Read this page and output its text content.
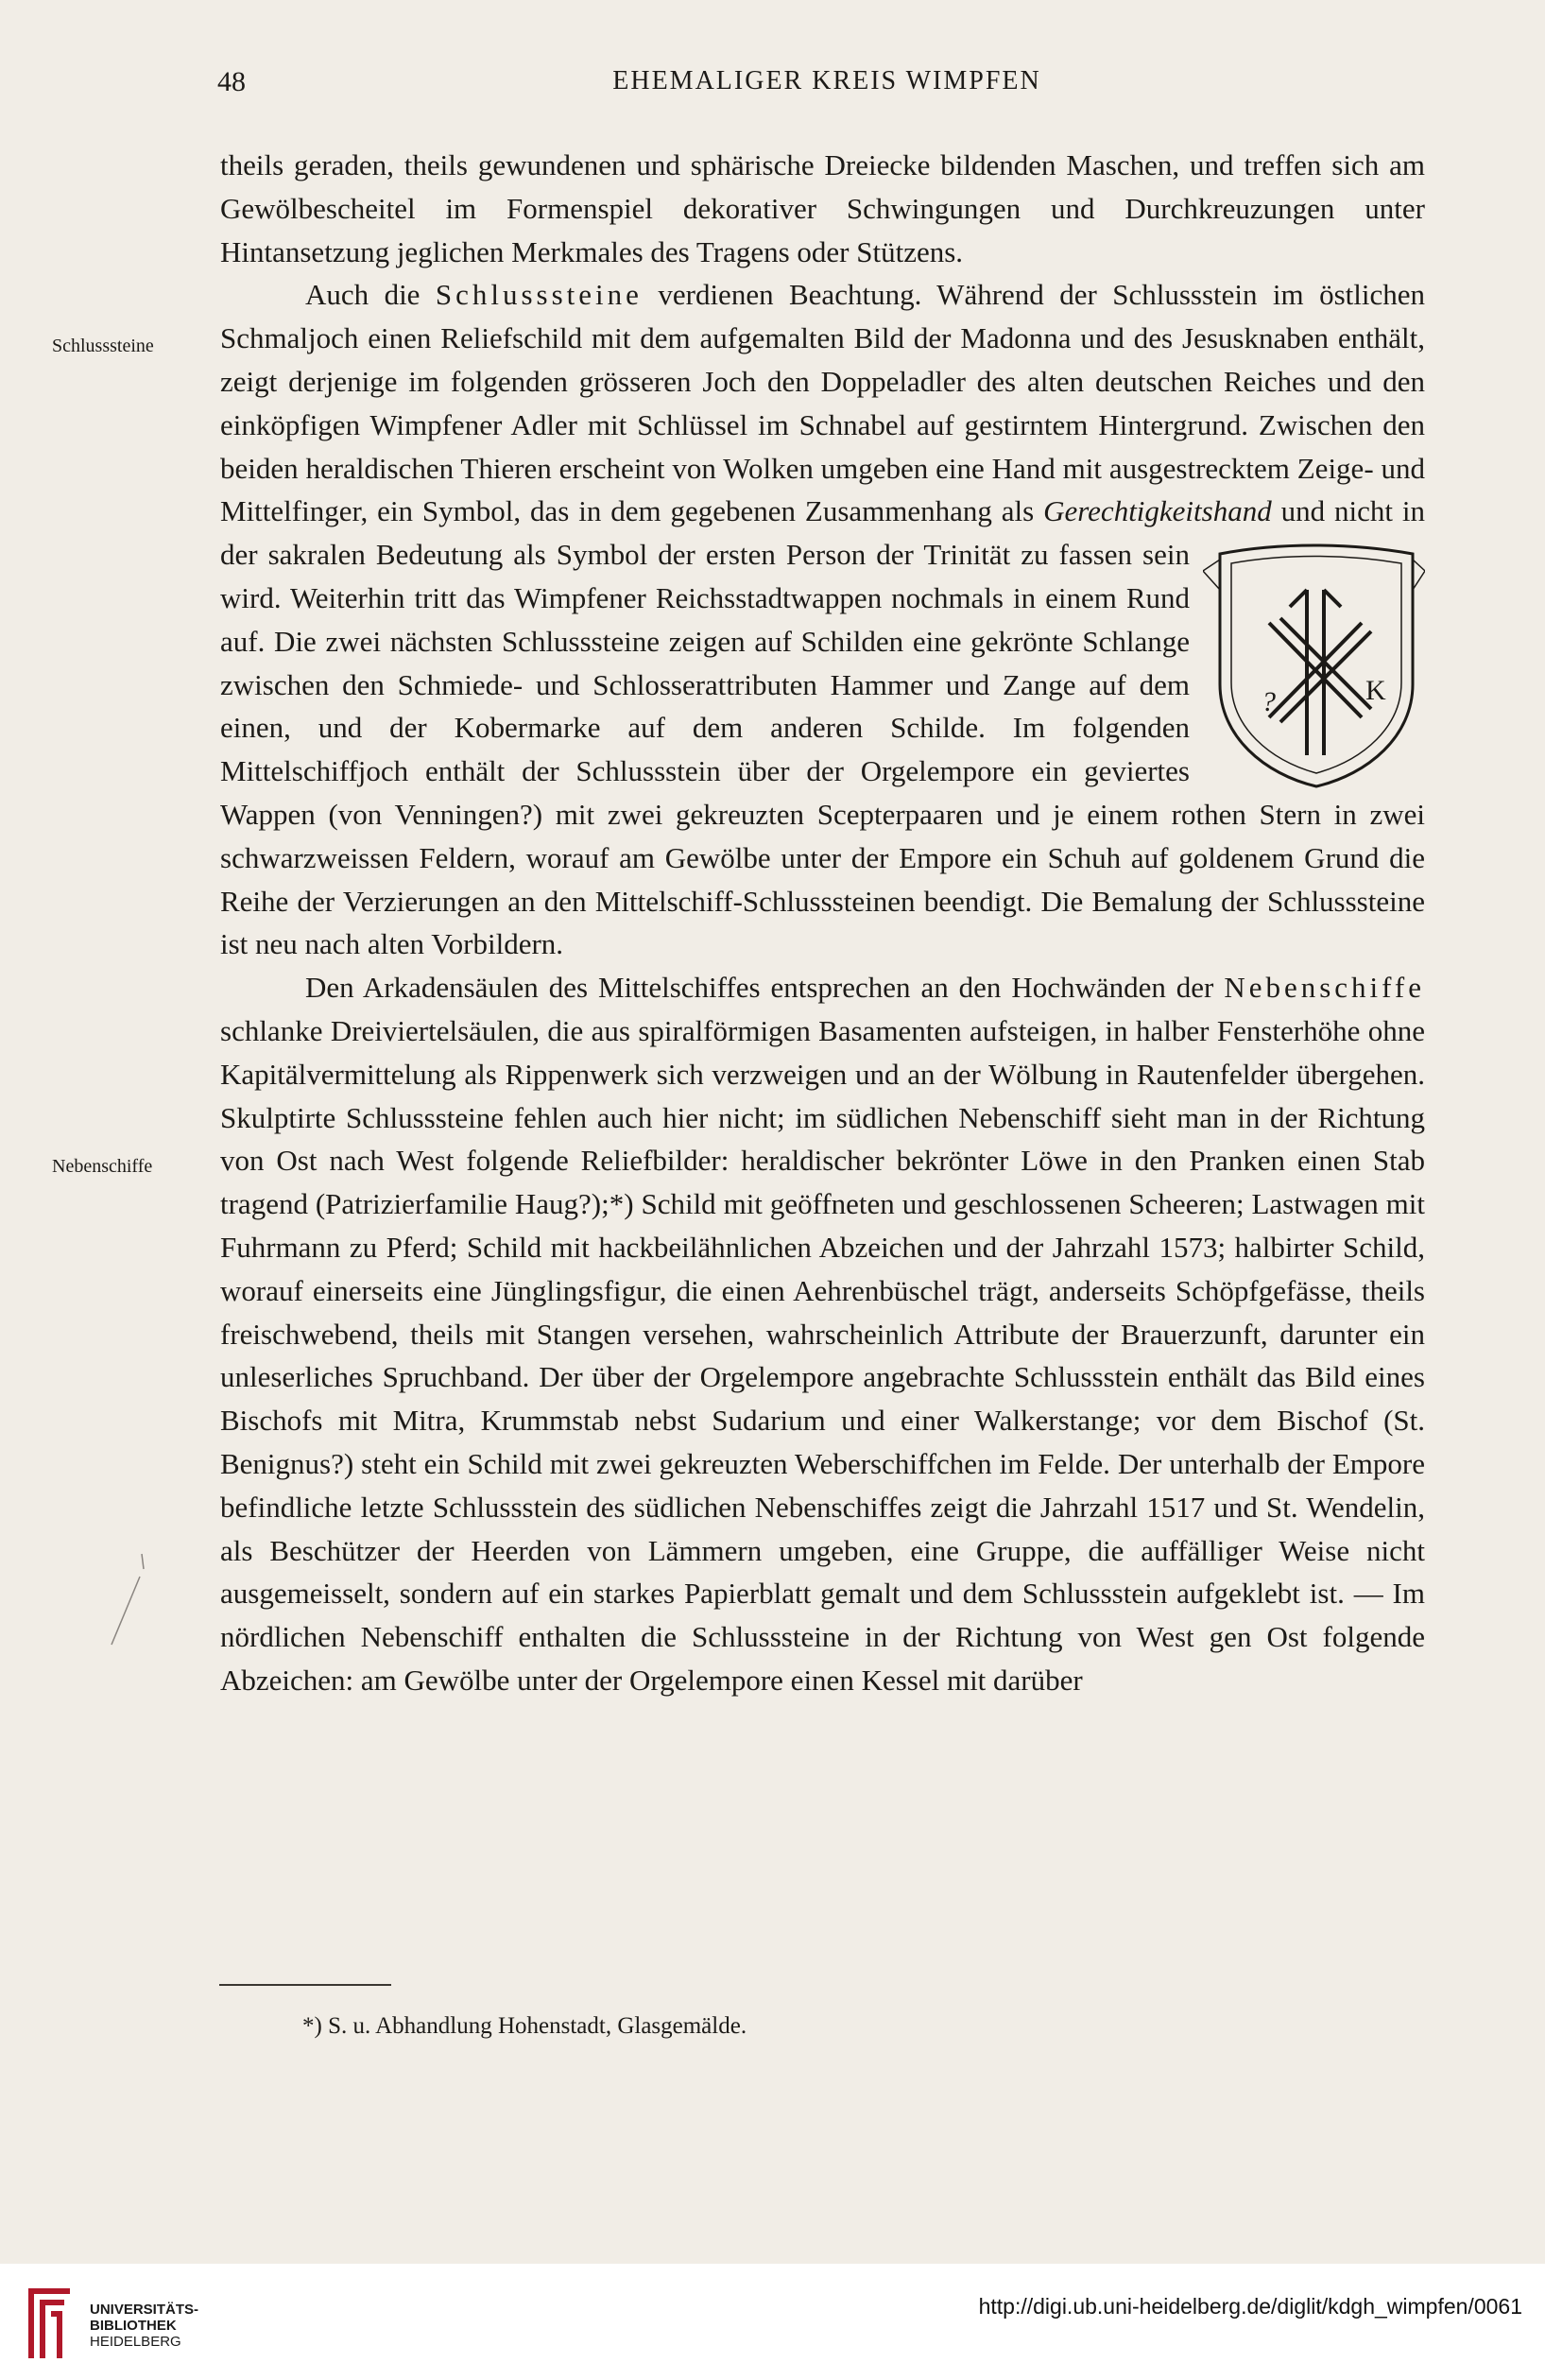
48	EHEMALIGER KREIS WIMPFEN
Schlusssteine
Nebenschiffe

theils geraden, theils gewundenen und sphärische Dreiecke bildenden Maschen, und treffen sich am Gewölbescheitel im Formenspiel dekorativer Schwingungen und Durchkreuzungen unter Hintansetzung jeglichen Merkmales des Tragens oder Stützens.

Auch die Schlusssteine verdienen Beachtung. Während der Schlussstein im östlichen Schmaljoch einen Reliefschild mit dem aufgemalten Bild der Madonna und des Jesusknaben enthält, zeigt derjenige im folgenden grösseren Joch den Doppeladler des alten deutschen Reiches und den einköpfigen Wimpfener Adler mit Schlüssel im Schnabel auf gestirntem Hintergrund. Zwischen den beiden heraldischen Thieren erscheint von Wolken umgeben eine Hand mit ausgestrecktem Zeige- und Mittelfinger, ein Symbol, das in dem gegebenen Zusammenhang als Gerechtigkeitshand
?	K
und nicht in der sakralen Bedeutung als Symbol der ersten Person der Trinität zu fassen sein wird. Weiterhin tritt das Wimpfener Reichsstadtwappen nochmals in einem Rund auf. Die zwei nächsten Schlusssteine zeigen auf Schilden eine gekrönte Schlange zwischen den Schmiede- und Schlosserattributen Hammer und Zange auf dem einen, und der Kobermarke auf dem anderen Schilde. Im folgenden Mittelschiffjoch enthält der Schlussstein über der Orgelempore ein geviertes Wappen (von Venningen?) mit zwei gekreuzten Scepterpaaren und je einem rothen Stern in zwei schwarzweissen Feldern, worauf am Gewölbe unter der Empore ein Schuh auf goldenem Grund die Reihe der Verzierungen an den Mittelschiff-Schlusssteinen beendigt. Die Bemalung der Schlusssteine ist neu nach alten Vorbildern.

Den Arkadensäulen des Mittelschiffes entsprechen an den Hochwänden der Nebenschiffe schlanke Dreiviertelsäulen, die aus spiralförmigen Basamenten aufsteigen, in halber Fensterhöhe ohne Kapitälvermittelung als Rippenwerk sich verzweigen und an der Wölbung in Rautenfelder übergehen. Skulptirte Schlusssteine fehlen auch hier nicht; im südlichen Nebenschiff sieht man in der Richtung von Ost nach West folgende Reliefbilder: heraldischer bekrönter Löwe in den Pranken einen Stab tragend (Patrizierfamilie Haug?);*) Schild mit geöffneten und geschlossenen Scheeren; Lastwagen mit Fuhrmann zu Pferd; Schild mit hackbeilähnlichen Abzeichen und der Jahrzahl 1573; halbirter Schild, worauf einerseits eine Jünglingsfigur, die einen Aehrenbüschel trägt, anderseits Schöpfgefässe, theils freischwebend, theils mit Stangen versehen, wahrscheinlich Attribute der Brauerzunft, darunter ein unleserliches Spruchband. Der über der Orgelempore angebrachte Schlussstein enthält das Bild eines Bischofs mit Mitra, Krummstab nebst Sudarium und einer Walkerstange; vor dem Bischof (St. Benignus?) steht ein Schild mit zwei gekreuzten Weberschiffchen im Felde. Der unterhalb der Empore befindliche letzte Schlussstein des südlichen Nebenschiffes zeigt die Jahrzahl 1517 und St. Wendelin, als Beschützer der Heerden von Lämmern umgeben, eine Gruppe, die auffälliger Weise nicht ausgemeisselt, sondern auf ein starkes Papierblatt gemalt und dem Schlussstein aufgeklebt ist. — Im nördlichen Nebenschiff enthalten die Schlusssteine in der Richtung von West gen Ost folgende Abzeichen: am Gewölbe unter der Orgelempore einen Kessel mit darüber

*) S. u. Abhandlung Hohenstadt, Glasgemälde.
UNIVERSITÄTS-
BIBLIOTHEK
HEIDELBERG
http://digi.ub.uni-heidelberg.de/diglit/kdgh_wimpfen/0061
